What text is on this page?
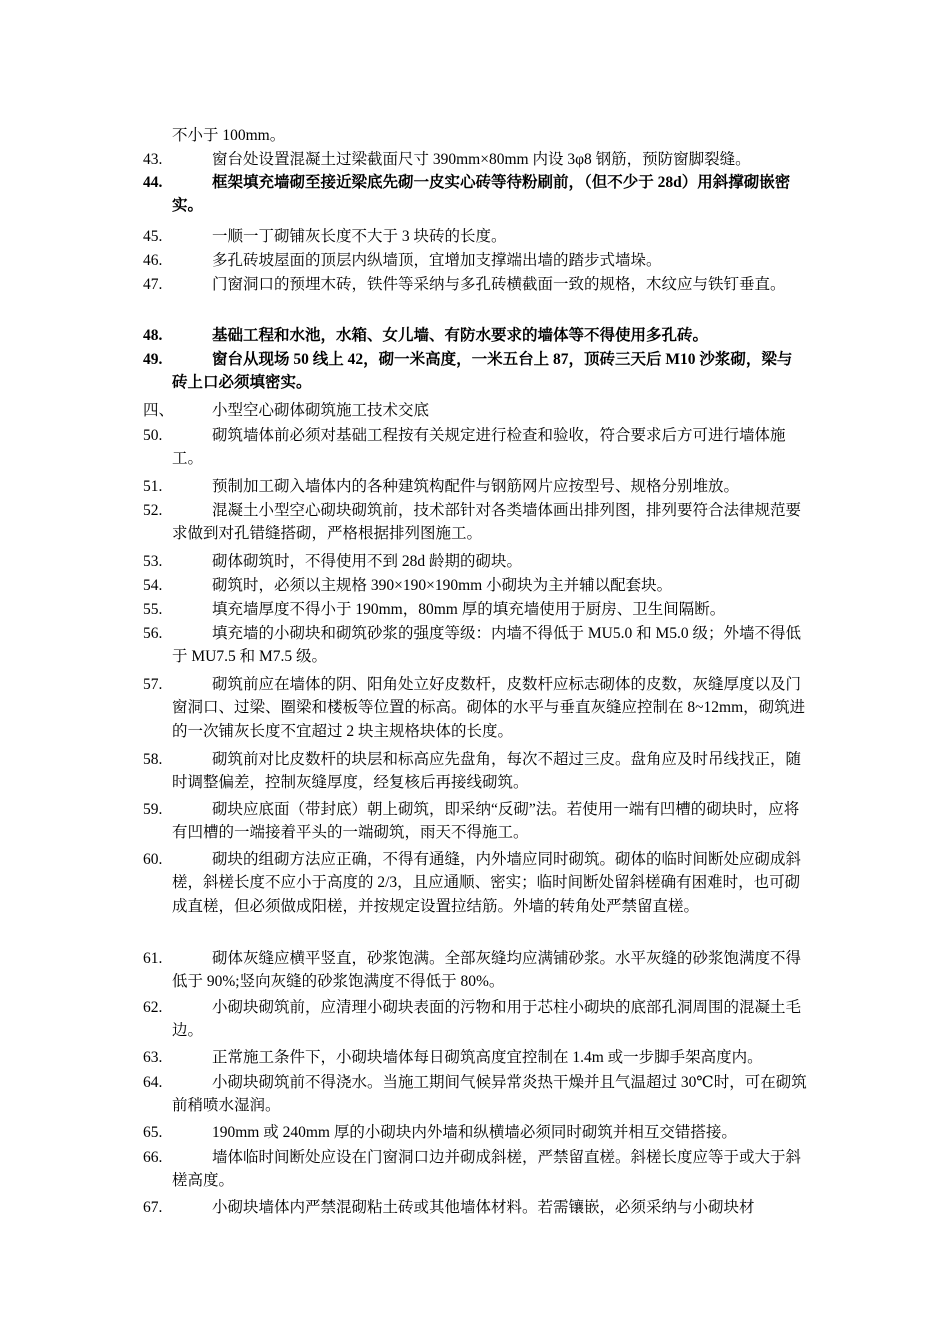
不小于 100mm。
43.	窗台处设置混凝土过梁截面尺寸 390mm×80mm 内设 3φ8 钢筋，预防窗脚裂缝。
44.	框架填充墙砌至接近梁底先砌一皮实心砖等待粉刷前，（但不少于 28d）用斜撑砌嵌密实。
45.	一顺一丁砌铺灰长度不大于 3 块砖的长度。
46.	多孔砖坡屋面的顶层内纵墙顶，宜增加支撑端出墙的踏步式墙垛。
47.	门窗洞口的预埋木砖，铁件等采纳与多孔砖横截面一致的规格，木纹应与铁钉垂直。
48.	基础工程和水池，水箱、女儿墙、有防水要求的墙体等不得使用多孔砖。
49.	窗台从现场 50 线上 42，砌一米高度，一米五台上 87，顶砖三天后 M10 沙浆砌，梁与砖上口必须填密实。
四、	小型空心砌体砌筑施工技术交底
50.	砌筑墙体前必须对基础工程按有关规定进行检查和验收，符合要求后方可进行墙体施工。
51.	预制加工砌入墙体内的各种建筑构配件与钢筋网片应按型号、规格分别堆放。
52.	混凝土小型空心砌块砌筑前，技术部针对各类墙体画出排列图，排列要符合法律规范要求做到对孔错缝搭砌，严格根据排列图施工。
53.	砌体砌筑时，不得使用不到 28d 龄期的砌块。
54.	砌筑时，必须以主规格 390×190×190mm 小砌块为主并辅以配套块。
55.	填充墙厚度不得小于 190mm，80mm 厚的填充墙使用于厨房、卫生间隔断。
56.	填充墙的小砌块和砌筑砂浆的强度等级：内墙不得低于 MU5.0 和 M5.0 级；外墙不得低于 MU7.5 和 M7.5 级。
57.	砌筑前应在墙体的阴、阳角处立好皮数杆，皮数杆应标志砌体的皮数，灰缝厚度以及门窗洞口、过梁、圈梁和楼板等位置的标高。砌体的水平与垂直灰缝应控制在 8~12mm，砌筑进的一次铺灰长度不宜超过 2 块主规格块体的长度。
58.	砌筑前对比皮数杆的块层和标高应先盘角，每次不超过三皮。盘角应及时吊线找正，随时调整偏差，控制灰缝厚度，经复核后再接线砌筑。
59.	砌块应底面（带封底）朝上砌筑，即采纳“反砌”法。若使用一端有凹槽的砌块时，应将有凹槽的一端接着平头的一端砌筑，雨天不得施工。
60.	砌块的组砌方法应正确，不得有通缝，内外墙应同时砌筑。砌体的临时间断处应砌成斜槎，斜槎长度不应小于高度的 2/3，且应通顺、密实；临时间断处留斜槎确有困难时，也可砌成直槎，但必须做成阳槎，并按规定设置拉结筋。外墙的转角处严禁留直槎。
61.	砌体灰缝应横平竖直，砂浆饱满。全部灰缝均应满铺砂浆。水平灰缝的砂浆饱满度不得低于 90%;竖向灰缝的砂浆饱满度不得低于 80%。
62.	小砌块砌筑前，应清理小砌块表面的污物和用于芯柱小砌块的底部孔洞周围的混凝土毛边。
63.	正常施工条件下，小砌块墙体每日砌筑高度宜控制在 1.4m 或一步脚手架高度内。
64.	小砌块砌筑前不得浇水。当施工期间气候异常炎热干燥并且气温超过 30℃时，可在砌筑前稍喷水湿润。
65.	190mm 或 240mm 厚的小砌块内外墙和纵横墙必须同时砌筑并相互交错搭接。
66.	墙体临时间断处应设在门窗洞口边并砌成斜槎，严禁留直槎。斜槎长度应等于或大于斜槎高度。
67.	小砌块墙体内严禁混砌粘土砖或其他墙体材料。若需镶嵌，必须采纳与小砌块材
